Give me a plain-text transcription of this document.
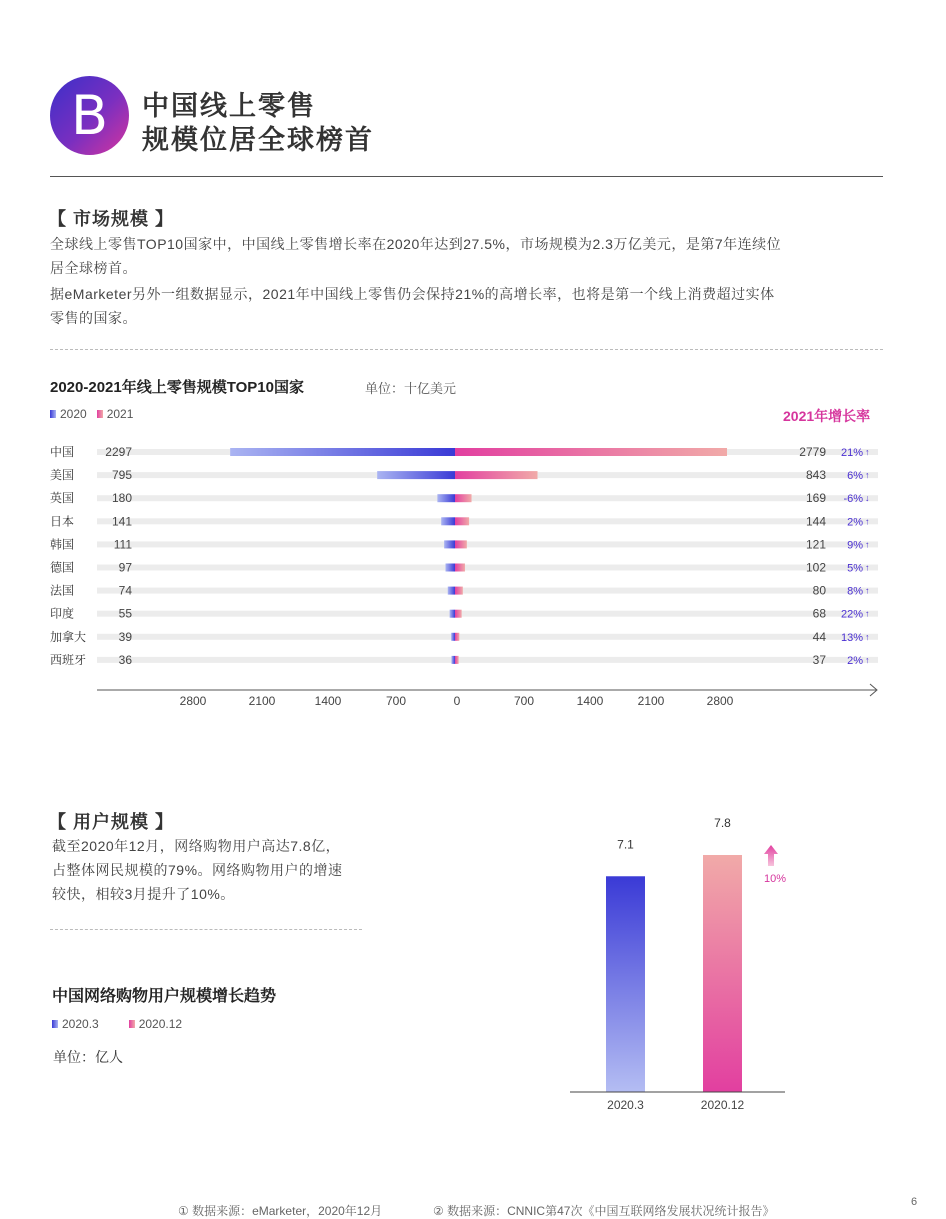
B	中国线上零售
规模位居全球榜首
【 市场规模 】
全球线上零售TOP10国家中，中国线上零售增长率在2020年达到27.5%，市场规模为2.3万亿美元，是第7年连续位
居全球榜首。
据eMarketer另外一组数据显示，2021年中国线上零售仍会保持21%的高增长率，也将是第一个线上消费超过实体
零售的国家。
2020-2021年线上零售规模TOP10国家	单位：十亿美元
2020 2021	2021年增长率
中国	2297	2779 21% ↑
美国	795	843 6% ↑
英国	180	169 -6% ↓
日本	141	144 2% ↑
韩国	111	121 9% ↑
德国	97	102 5% ↑
法国	74	80 8% ↑
印度	55	68 22% ↑
加拿大	39	44 13% ↑
西班牙	36	37 2% ↑
2800	2100	1400	700	0	700	1400	2100	2800
【 用户规模 】
截至2020年12月，网络购物用户高达7.8亿，
占整体网民规模的79%。网络购物用户的增速
较快，相较3月提升了10%。
中国网络购物用户规模增长趋势
2020.3	2020.12
单位：亿人
7.1
2020.3
7.8
2020.12
10%
① 数据来源：eMarketer，2020年12月	② 数据来源：CNNIC第47次《中国互联网络发展状况统计报告》
6
